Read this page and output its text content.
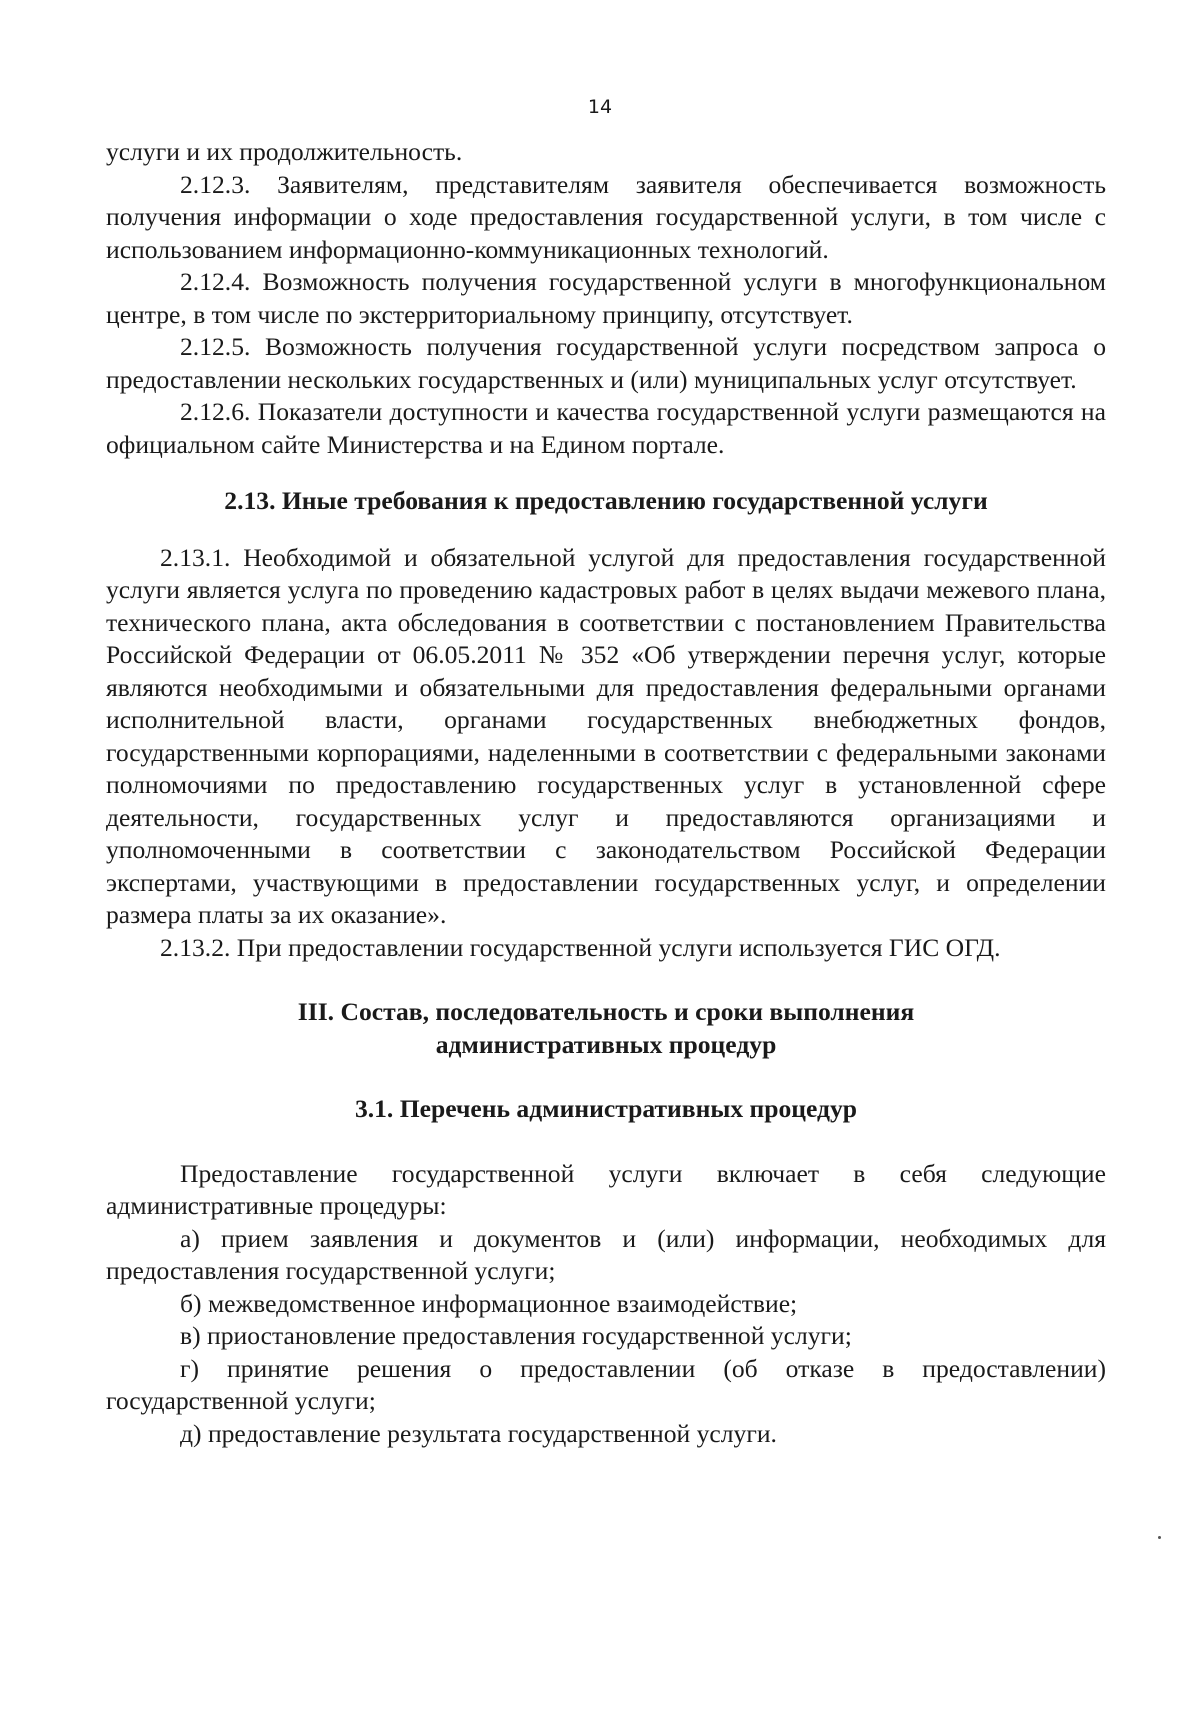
14

услуги и их продолжительность.

2.12.3. Заявителям, представителям заявителя обеспечивается возможность получения информации о ходе предоставления государственной услуги, в том числе с использованием информационно-коммуникационных технологий.

2.12.4. Возможность получения государственной услуги в многофункциональном центре, в том числе по экстерриториальному принципу, отсутствует.

2.12.5. Возможность получения государственной услуги посредством запроса о предоставлении нескольких государственных и (или) муниципальных услуг отсутствует.

2.12.6. Показатели доступности и качества государственной услуги размещаются на официальном сайте Министерства и на Едином портале.

2.13. Иные требования к предоставлению государственной услуги

2.13.1. Необходимой и обязательной услугой для предоставления государственной услуги является услуга по проведению кадастровых работ в целях выдачи межевого плана, технического плана, акта обследования в соответствии с постановлением Правительства Российской Федерации от 06.05.2011 № 352 «Об утверждении перечня услуг, которые являются необходимыми и обязательными для предоставления федеральными органами исполнительной власти, органами государственных внебюджетных фондов, государственными корпорациями, наделенными в соответствии с федеральными законами полномочиями по предоставлению государственных услуг в установленной сфере деятельности, государственных услуг и предоставляются организациями и уполномоченными в соответствии с законодательством Российской Федерации экспертами, участвующими в предоставлении государственных услуг, и определении размера платы за их оказание».

2.13.2. При предоставлении государственной услуги используется ГИС ОГД.

III. Состав, последовательность и сроки выполнения
административных процедур
3.1. Перечень административных процедур

Предоставление государственной услуги включает в себя следующие административные процедуры:

а) прием заявления и документов и (или) информации, необходимых для предоставления государственной услуги;

б) межведомственное информационное взаимодействие;

в) приостановление предоставления государственной услуги;

г) принятие решения о предоставлении (об отказе в предоставлении) государственной услуги;

д) предоставление результата государственной услуги.
